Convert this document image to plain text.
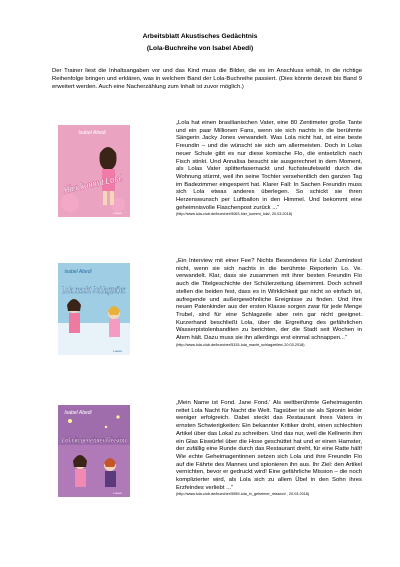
Arbeitsblatt Akustisches Gedächtnis
(Lola-Buchreihe von Isabel Abedi)
Der Trainer liest die Inhaltsangaben vor und das Kind muss die Bilder, die es im Anschluss erhält, in die richtige Reihenfolge bringen und erklären, was in welchem Band der Lola-Buchreihe passiert. (Dies könnte derzeit bis Band 9 erweitert werden. Auch eine Nacherzählung zum Inhalt ist zuvor möglich.)
Isabel Abedi
Hier kommt Lola!
Loewe
„Lola hat einen brasilianischen Vater, eine 80 Zentimeter große Tante und ein paar Millionen Fans, wenn sie sich nachts in die berühmte Sängerin Jacky Jones verwandelt. Was Lola nicht hat, ist eine beste Freundin – und die wünscht sie sich am allermeisten. Doch in Lolas neuer Schule gibt es nur diese komische Flo, die entsetzlich nach Fisch stinkt. Und Annalisa besucht sie ausgerechnet in dem Moment, als Lolas Vater splitterfasernackt und fuchsteufelswild durch die Wohnung stürmt, weil ihn seine Tochter versehentlich den ganzen Tag im Badezimmer eingesperrt hat. Klarer Fall: In Sachen Freundin muss sich Lola etwas anderes überlegen. So schickt sie ihren Herzenswunsch per Luftballon in den Himmel. Und bekommt eine geheimnisvolle Flaschenpost zurück ...“
(http://www.lola-club.de/buecher/5063-hier_kommt_lola/, 20.03.2018)
Isabel Abedi
Lola macht Schlagzeilen
Loewe
„Ein Interview mit einer Fee? Nichts Besonderes für Lola! Zumindest nicht, wenn sie sich nachts in die berühmte Reporterin Lo. Ve. verwandelt. Klar, dass sie zusammen mit ihrer besten Freundin Flo auch die Titelgeschichte der Schülerzeitung übernimmt. Doch schnell stellen die beiden fest, dass es in Wirklichkeit gar nicht so einfach ist, aufregende und außergewöhnliche Ereignisse zu finden. Und ihre neuen Patenkinder aus der ersten Klasse sorgen zwar für jede Menge Trubel, sind für eine Schlagzeile aber rein gar nicht geeignet. Kurzerhand beschließt Lola, über die Ergreifung des gefährlichen Wasserpistolenbanditen zu berichten, der die Stadt seit Wochen in Atem hält. Dazu muss sie ihn allerdings erst einmal schnappen...“
(http://www.lola-club.de/buecher/5315-lola_macht_schlagzeilen/,20.03.2018)
Isabel Abedi
Lola in geheimer Mission
Loewe
„Mein Name ist Fond. Jane Fond.‘ Als weltberühmte Geheimagentin rettet Lola Nacht für Nacht die Welt. Tagsüber ist sie als Spionin leider weniger erfolgreich. Dabei steckt das Restaurant ihres Vaters in ernsten Schwierigkeiten: Ein bekannter Kritiker droht, einen schlechten Artikel über das Lokal zu schreiben. Und das nur, weil die Kellnerin ihm ein Glas Eiswürfel über die Hose geschüttet hat und er einen Hamster, der zufällig eine Runde durch das Restaurant dreht, für eine Ratte hält! Wie echte Geheimagentinnen setzen sich Lola und ihre Freundin Flo auf die Fährte des Mannes und spionieren ihn aus. Ihr Ziel: den Artikel vernichten, bevor er gedruckt wird! Eine gefährliche Mission – die noch komplizierter wird, als Lola sich zu allem Übel in den Sohn ihres Erzfeindes verliebt ...“
(http://www.lola-club.de/buecher/5559-lola_in_geheimer_mission/ , 20.03.2018)
